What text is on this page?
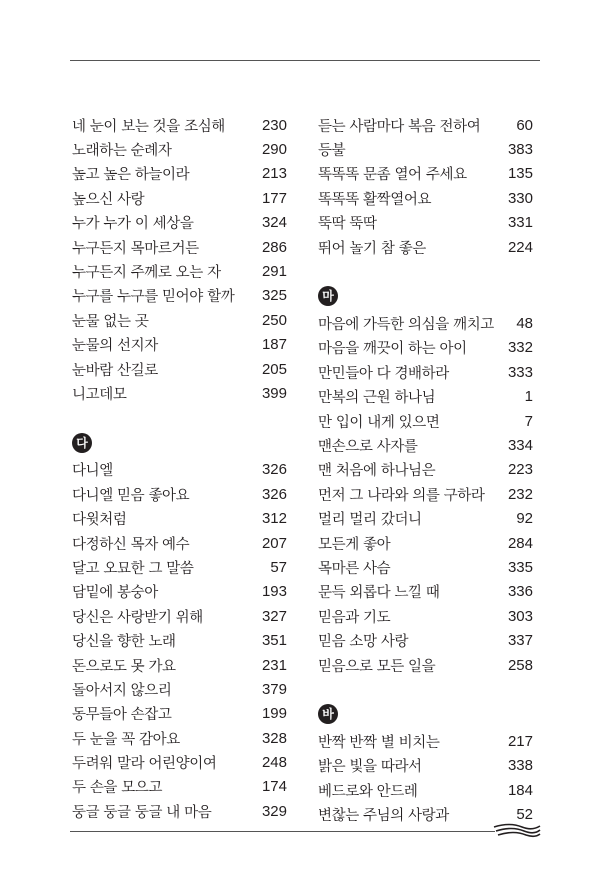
네 눈이 보는 것을 조심해 230
노래하는 순례자	290
높고 높은 하늘이라	213
높으신 사랑	177
누가 누가 이 세상을	324
누구든지 목마르거든	286
누구든지 주께로 오는 자	291
누구를 누구를 믿어야 할까 325
눈물 없는 곳	250
눈물의 선지자	187
눈바람 산길로	205
니고데모	399
다
다니엘	326
다니엘 믿음 좋아요	326
다윗처럼	312
다정하신 목자 예수	207
달고 오묘한 그 말씀	57
담밑에 봉숭아	193
당신은 사랑받기 위해	327
당신을 향한 노래	351
돈으로도 못 가요	231
돌아서지 않으리	379
동무들아 손잡고	199
두 눈을 꼭 감아요	328
두려워 말라 어린양이여	248
두 손을 모으고	174
둥글 둥글 둥글 내 마음	329
듣는 사람마다 복음 전하여 60
등불	383
똑똑똑 문좀 열어 주세요	135
똑똑똑 활짝열어요	330
뚝딱 뚝딱	331
뛰어 놀기 참 좋은	224
마
마음에 가득한 의심을 깨치고 48
마음을 깨끗이 하는 아이	332
만민들아 다 경배하라	333
만복의 근원 하나님	1
만 입이 내게 있으면	7
맨손으로 사자를	334
맨 처음에 하나님은	223
먼저 그 나라와 의를 구하라 232
멀리 멀리 갔더니	92
모든게 좋아	284
목마른 사슴	335
문득 외롭다 느낄 때	336
믿음과 기도	303
믿음 소망 사랑	337
믿음으로 모든 일을	258
바
반짝 반짝 별 비치는	217
밝은 빛을 따라서	338
베드로와 안드레	184
변찮는 주님의 사랑과	52
